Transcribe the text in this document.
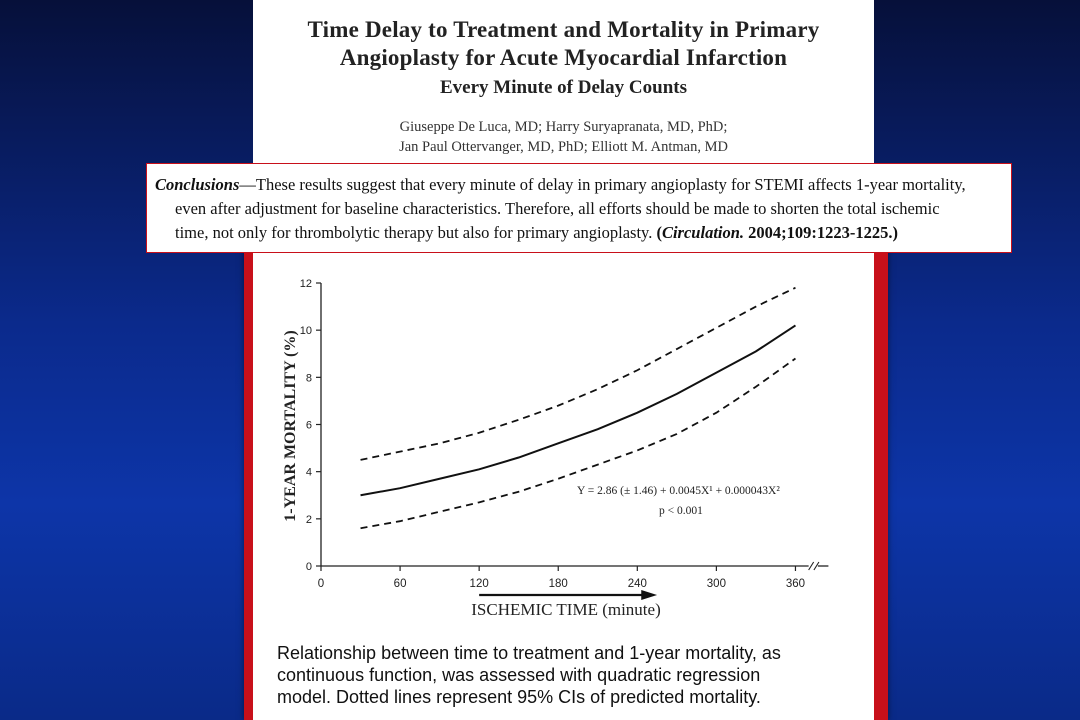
Time Delay to Treatment and Mortality in Primary
Angioplasty for Acute Myocardial Infarction
Every Minute of Delay Counts
Giuseppe De Luca, MD; Harry Suryapranata, MD, PhD;
Jan Paul Ottervanger, MD, PhD; Elliott M. Antman, MD
Conclusions—These results suggest that every minute of delay in primary angioplasty for STEMI affects 1-year mortality,
even after adjustment for baseline characteristics. Therefore, all efforts should be made to shorten the total ischemic
time, not only for thrombolytic therapy but also for primary angioplasty. (Circulation. 2004;109:1223-1225.)
0
2
4
6
8
10
12
0	60	120	180	240	300	360
1-YEAR MORTALITY (%)
ISCHEMIC TIME (minute)
Y = 2.86 (± 1.46) + 0.0045X¹ + 0.000043X²
p < 0.001
Relationship between time to treatment and 1-year mortality, as
continuous function, was assessed with quadratic regression
model. Dotted lines represent 95% CIs of predicted mortality.
